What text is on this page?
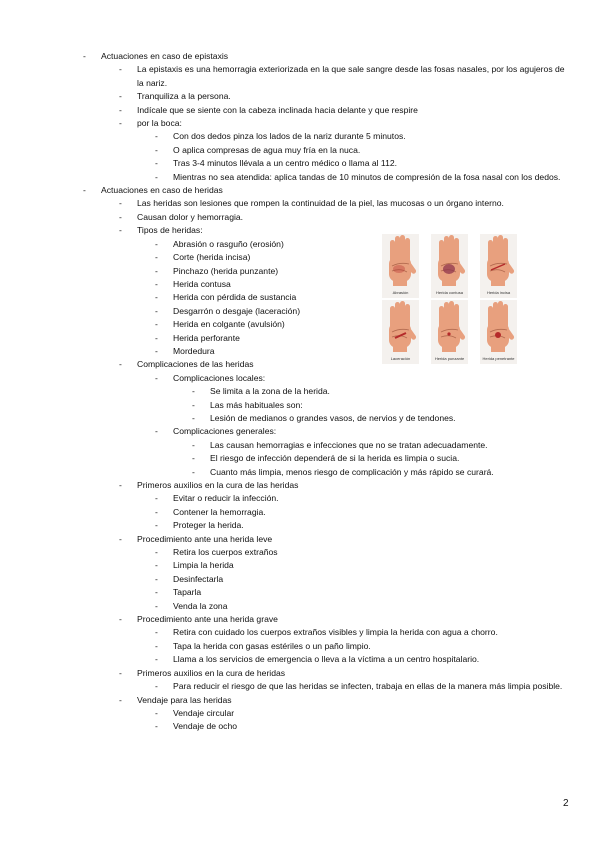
- Actuaciones en caso de epistaxis
- La epistaxis es una hemorragia exteriorizada en la que sale sangre desde las fosas nasales, por los agujeros de la nariz.
- Tranquiliza a la persona.
- Indícale que se siente con la cabeza inclinada hacia delante y que respire
- por la boca:
- Con dos dedos pinza los lados de la nariz durante 5 minutos.
- O aplica compresas de agua muy fría en la nuca.
- Tras 3-4 minutos llévala a un centro médico o llama al 112.
- Mientras no sea atendida: aplica tandas de 10 minutos de compresión de la fosa nasal con los dedos.
- Actuaciones en caso de heridas
- Las heridas son lesiones que rompen la continuidad de la piel, las mucosas o un órgano interno.
- Causan dolor y hemorragia.
- Tipos de heridas:
- Abrasión o rasguño (erosión)
- Corte (herida incisa)
- Pinchazo (herida punzante)
- Herida contusa
- Herida con pérdida de sustancia
- Desgarrón o desgaje (laceración)
- Herida en colgante (avulsión)
- Herida perforante
- Mordedura
- Complicaciones de las heridas
- Complicaciones locales:
- Se limita a la zona de la herida.
- Las más habituales son:
- Lesión de medianos o grandes vasos, de nervios y de tendones.
- Complicaciones generales:
- Las causan hemorragias e infecciones que no se tratan adecuadamente.
- El riesgo de infección dependerá de si la herida es limpia o sucia.
- Cuanto más limpia, menos riesgo de complicación y más rápido se curará.
- Primeros auxilios en la cura de las heridas
- Evitar o reducir la infección.
- Contener la hemorragia.
- Proteger la herida.
- Procedimiento ante una herida leve
- Retira los cuerpos extraños
- Limpia la herida
- Desinfectarla
- Taparla
- Venda la zona
- Procedimiento ante una herida grave
- Retira con cuidado los cuerpos extraños visibles y limpia la herida con agua a chorro.
- Tapa la herida con gasas estériles o un paño limpio.
- Llama a los servicios de emergencia o lleva a la víctima a un centro hospitalario.
- Primeros auxilios en la cura de heridas
- Para reducir el riesgo de que las heridas se infecten, trabaja en ellas de la manera más limpia posible.
- Vendaje para las heridas
- Vendaje circular
- Vendaje de ocho
Abrasión	Herida contusa	Herida incisa
Laceración	Herida punzante	Herida penetrante
2
